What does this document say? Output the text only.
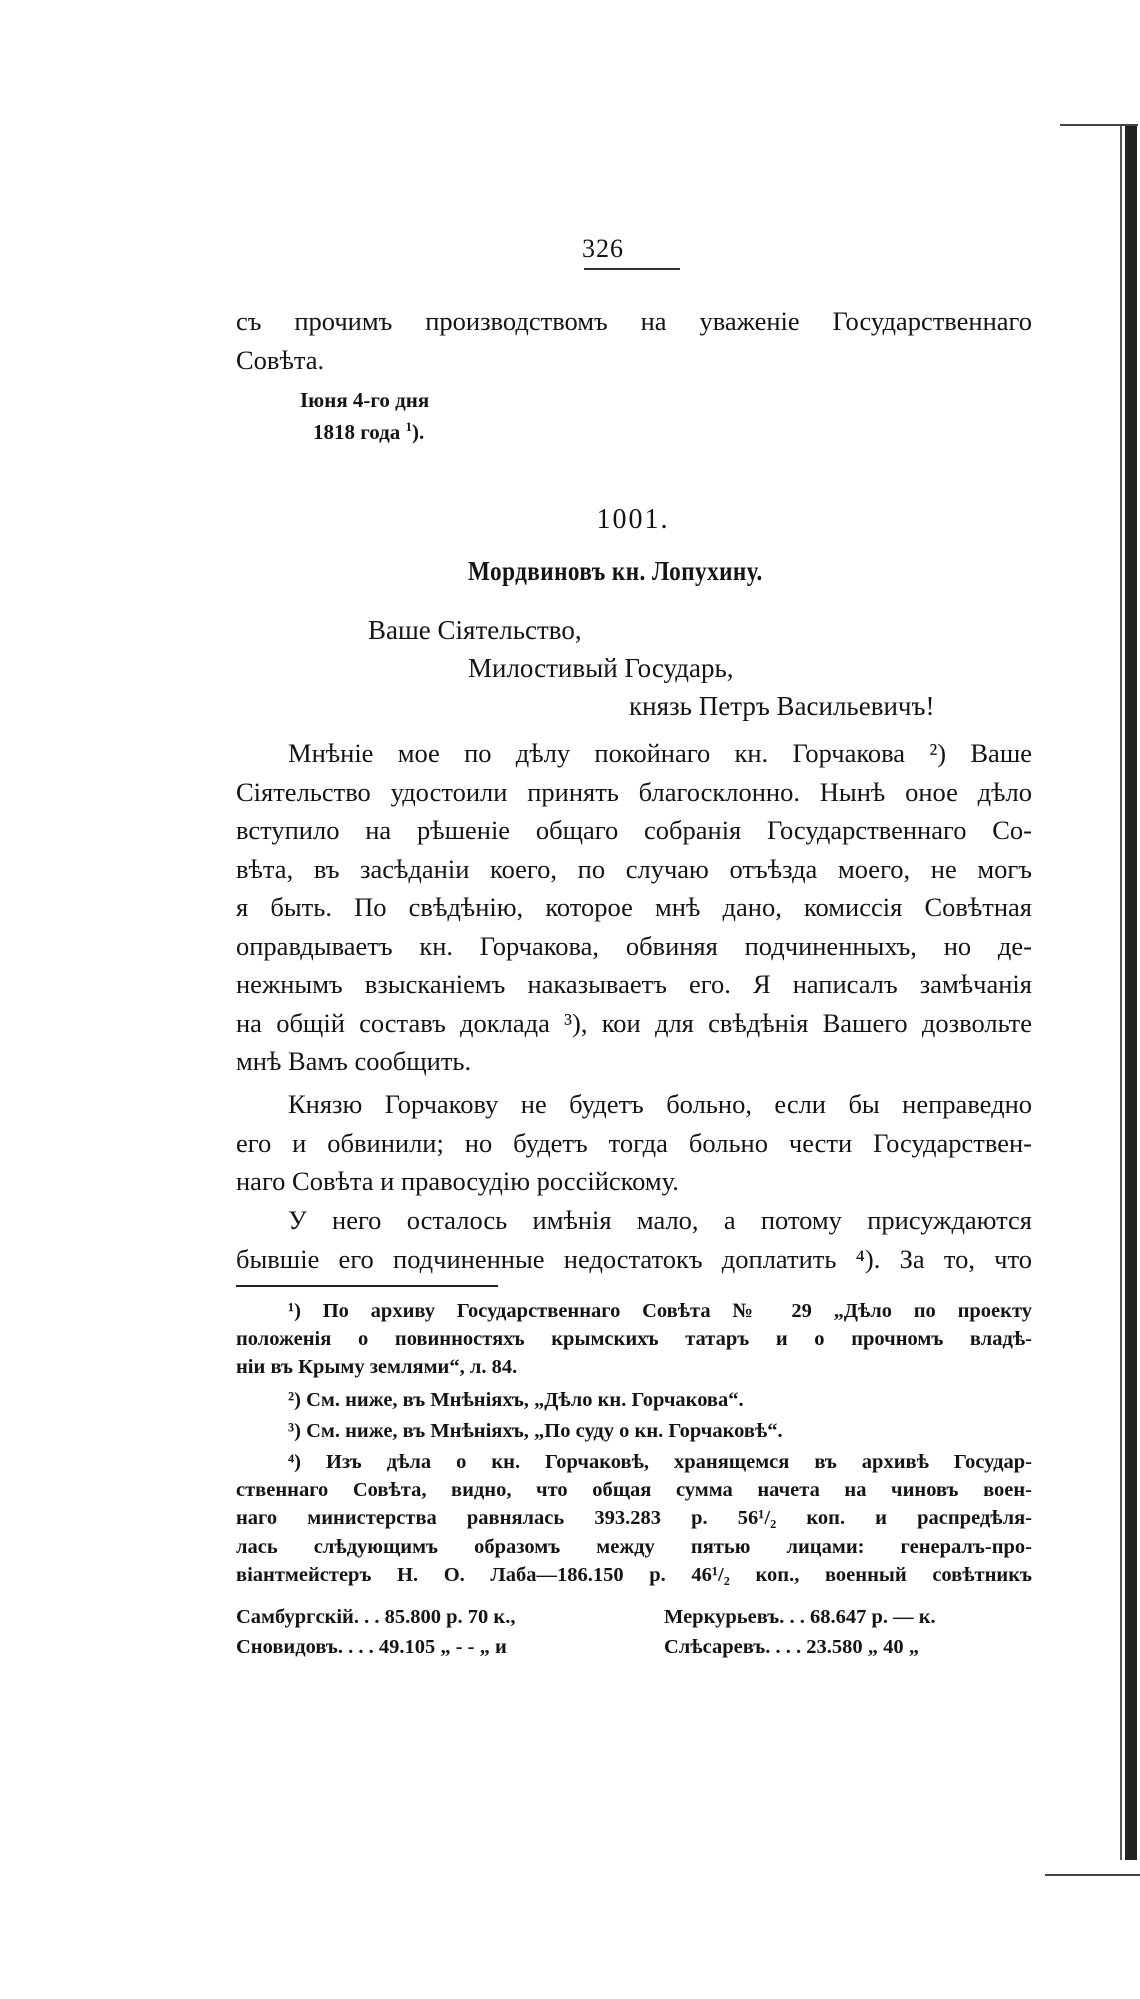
326
съ прочимъ производствомъ на уваженіе Государственнаго
Совѣта.
Іюня 4-го дня
1818 года $^1$).
1001.
Мордвиновъ кн. Лопухину.
Ваше Сіятельство,
Милостивый Государь,
князь Петръ Васильевичъ!
Мнѣніе мое по дѣлу покойнаго кн. Горчакова ²) Ваше
Сіятельство удостоили принять благосклонно. Нынѣ оное дѣло
вступило на рѣшеніе общаго собранія Государственнаго Со-
вѣта, въ засѣданіи коего, по случаю отъѣзда моего, не могъ
я быть. По свѣдѣнію, которое мнѣ дано, комиссія Совѣтная
оправдываетъ кн. Горчакова, обвиняя подчиненныхъ, но де-
нежнымъ взысканіемъ наказываетъ его. Я написалъ замѣчанія
на общій составъ доклада ³), кои для свѣдѣнія Вашего дозвольте
мнѣ Вамъ сообщить.
Князю Горчакову не будетъ больно, если бы неправедно
его и обвинили; но будетъ тогда больно чести Государствен-
наго Совѣта и правосудію россійскому.
У него осталось имѣнія мало, а потому присуждаются
бывшіе его подчиненные недостатокъ доплатить ⁴). За то, что
¹) По архиву Государственнаго Совѣта № 29 „Дѣло по проекту
положенія о повинностяхъ крымскихъ татаръ и о прочномъ владѣ-
ніи въ Крыму землями“, л. 84.
²) См. ниже, въ Мнѣніяхъ, „Дѣло кн. Горчакова“.
³) См. ниже, въ Мнѣніяхъ, „По суду о кн. Горчаковѣ“.
⁴) Изъ дѣла о кн. Горчаковѣ, хранящемся въ архивѣ Государ-
ственнаго Совѣта, видно, что общая сумма начета на чиновъ воен-
наго министерства равнялась 393.283 р. 56¹/₂ коп. и распредѣля-
лась слѣдующимъ образомъ между пятью лицами: генералъ-про-
віантмейстеръ Н. О. Лаба—186.150 р. 46¹/₂ коп., военный совѣтникъ
Самбургскій. . . 85.800 р. 70 к.,	Меркурьевъ. . . 68.647 р. — к.
Сновидовъ. . . . 49.105 „ - - „ и	Слѣсаревъ. . . . 23.580 „ 40 „
